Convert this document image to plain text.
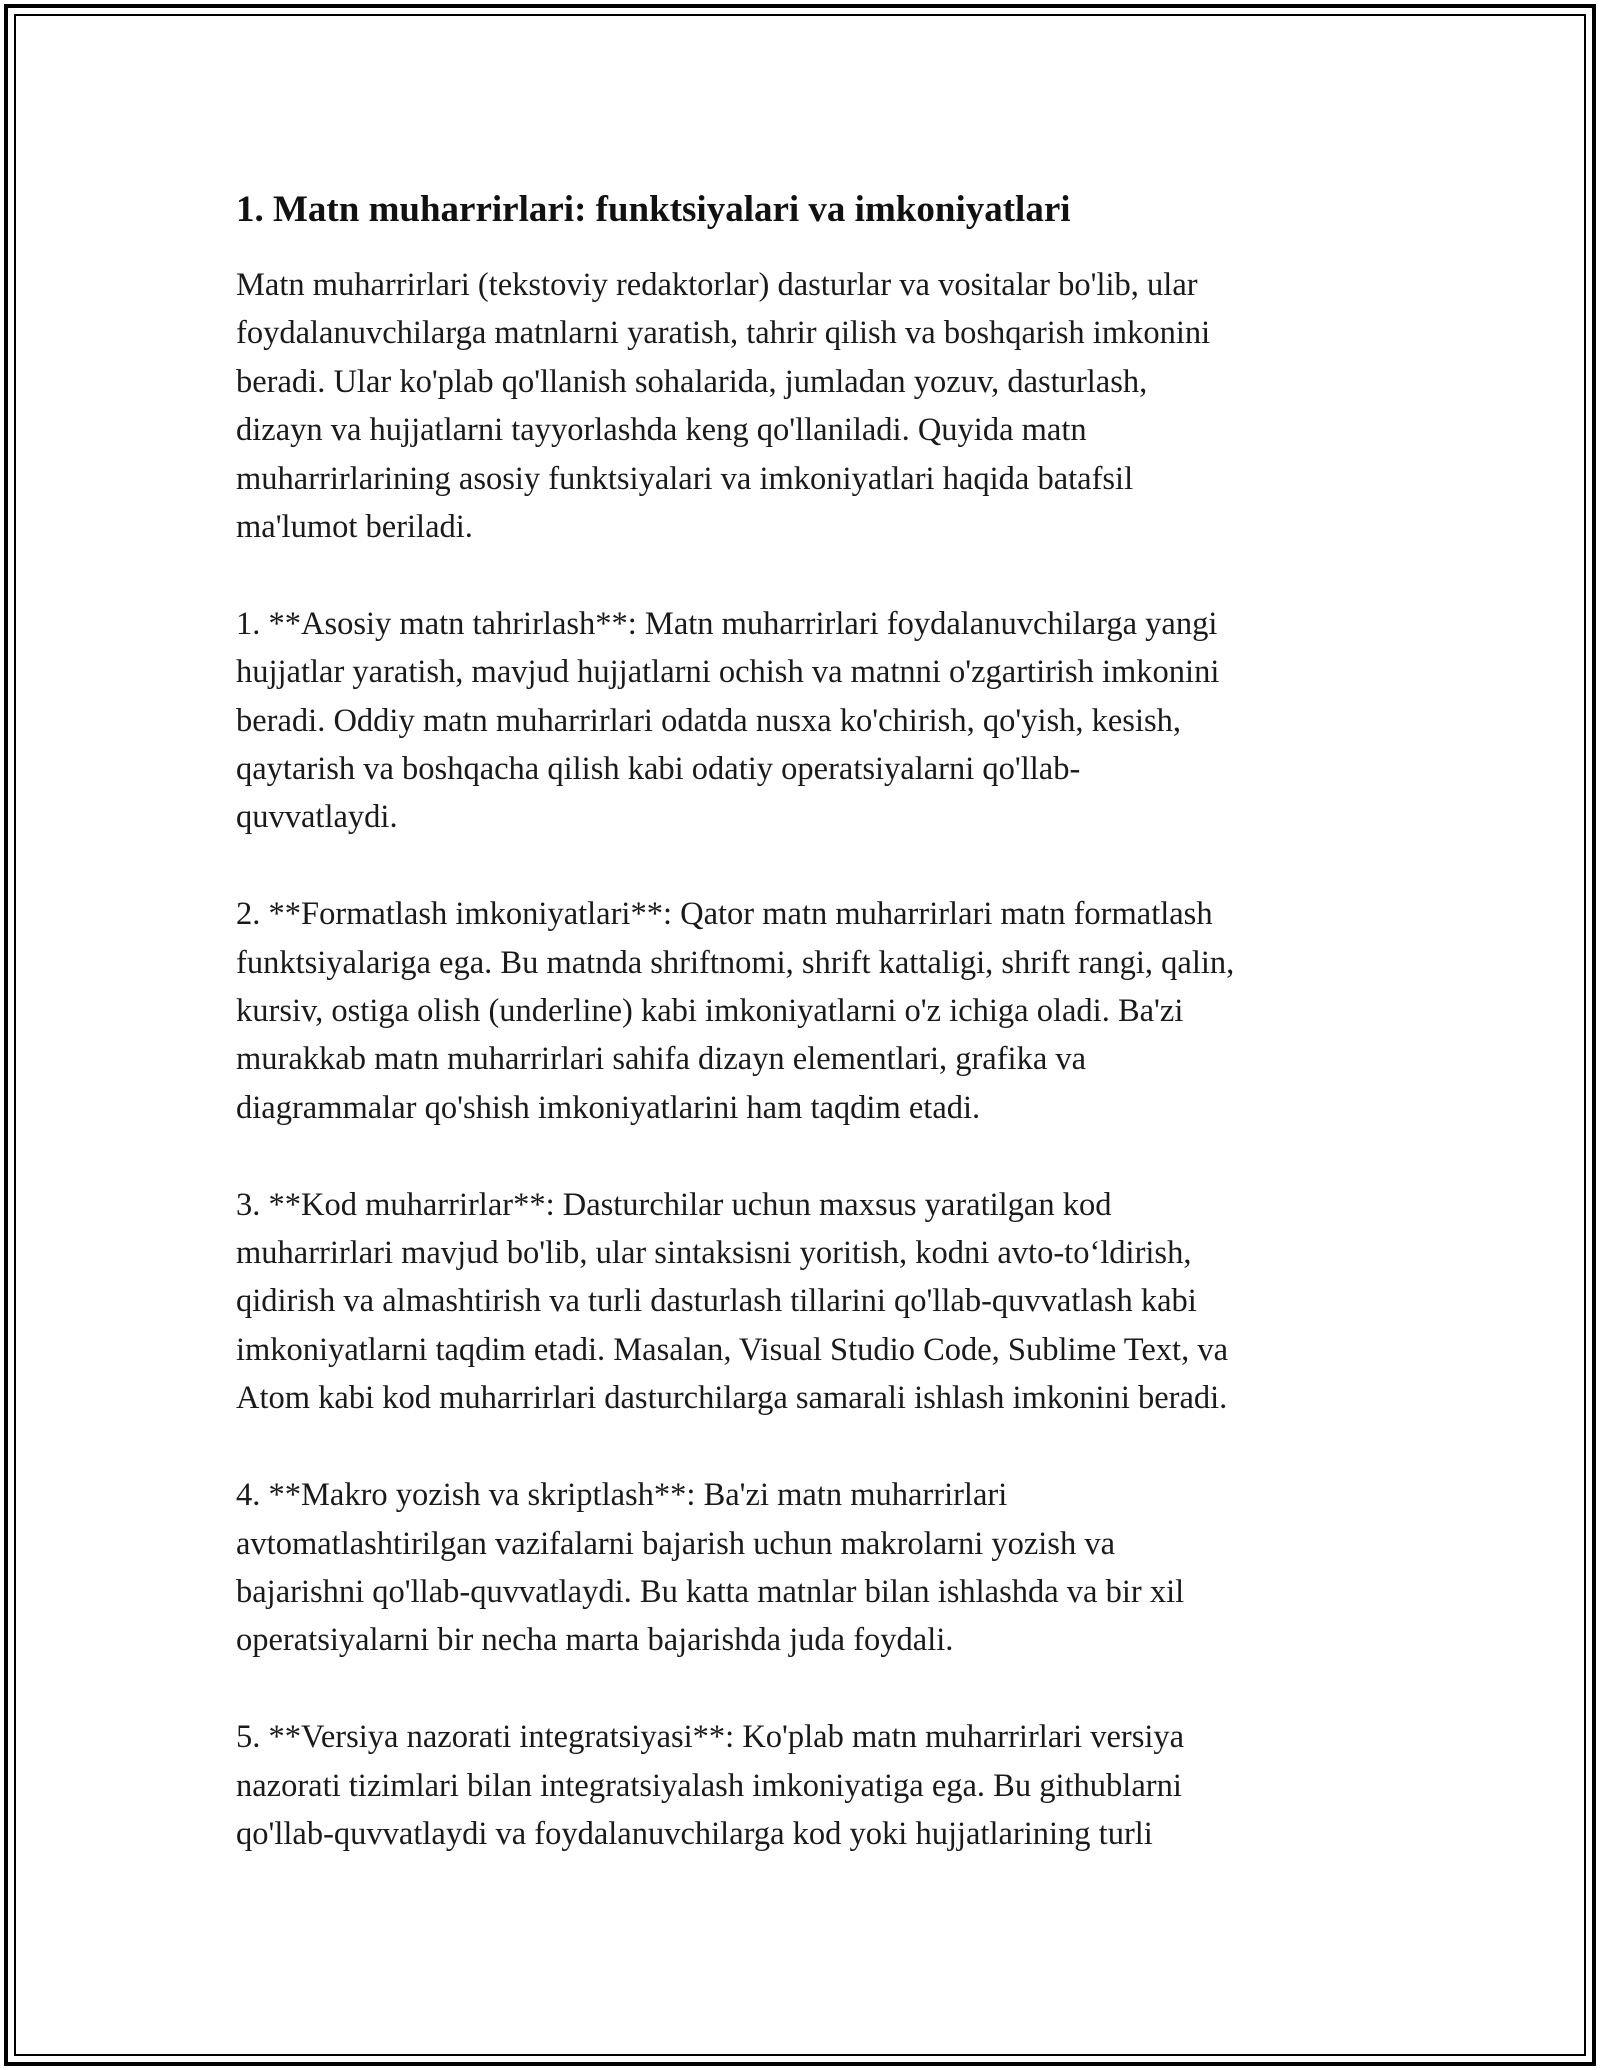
1. Matn muharrirlari: funktsiyalari va imkoniyatlari

Matn muharrirlari (tekstoviy redaktorlar) dasturlar va vositalar bo'lib, ular
foydalanuvchilarga matnlarni yaratish, tahrir qilish va boshqarish imkonini
beradi. Ular ko'plab qo'llanish sohalarida, jumladan yozuv, dasturlash,
dizayn va hujjatlarni tayyorlashda keng qo'llaniladi. Quyida matn
muharrirlarining asosiy funktsiyalari va imkoniyatlari haqida batafsil
ma'lumot beriladi.

1. **Asosiy matn tahrirlash**: Matn muharrirlari foydalanuvchilarga yangi
hujjatlar yaratish, mavjud hujjatlarni ochish va matnni o'zgartirish imkonini
beradi. Oddiy matn muharrirlari odatda nusxa ko'chirish, qo'yish, kesish,
qaytarish va boshqacha qilish kabi odatiy operatsiyalarni qo'llab-
quvvatlaydi.

2. **Formatlash imkoniyatlari**: Qator matn muharrirlari matn formatlash
funktsiyalariga ega. Bu matnda shriftnomi, shrift kattaligi, shrift rangi, qalin,
kursiv, ostiga olish (underline) kabi imkoniyatlarni o'z ichiga oladi. Ba'zi
murakkab matn muharrirlari sahifa dizayn elementlari, grafika va
diagrammalar qo'shish imkoniyatlarini ham taqdim etadi.

3. **Kod muharrirlar**: Dasturchilar uchun maxsus yaratilgan kod
muharrirlari mavjud bo'lib, ular sintaksisni yoritish, kodni avto-to‘ldirish,
qidirish va almashtirish va turli dasturlash tillarini qo'llab-quvvatlash kabi
imkoniyatlarni taqdim etadi. Masalan, Visual Studio Code, Sublime Text, va
Atom kabi kod muharrirlari dasturchilarga samarali ishlash imkonini beradi.

4. **Makro yozish va skriptlash**: Ba'zi matn muharrirlari
avtomatlashtirilgan vazifalarni bajarish uchun makrolarni yozish va
bajarishni qo'llab-quvvatlaydi. Bu katta matnlar bilan ishlashda va bir xil
operatsiyalarni bir necha marta bajarishda juda foydali.

5. **Versiya nazorati integratsiyasi**: Ko'plab matn muharrirlari versiya
nazorati tizimlari bilan integratsiyalash imkoniyatiga ega. Bu githublarni
qo'llab-quvvatlaydi va foydalanuvchilarga kod yoki hujjatlarining turli
